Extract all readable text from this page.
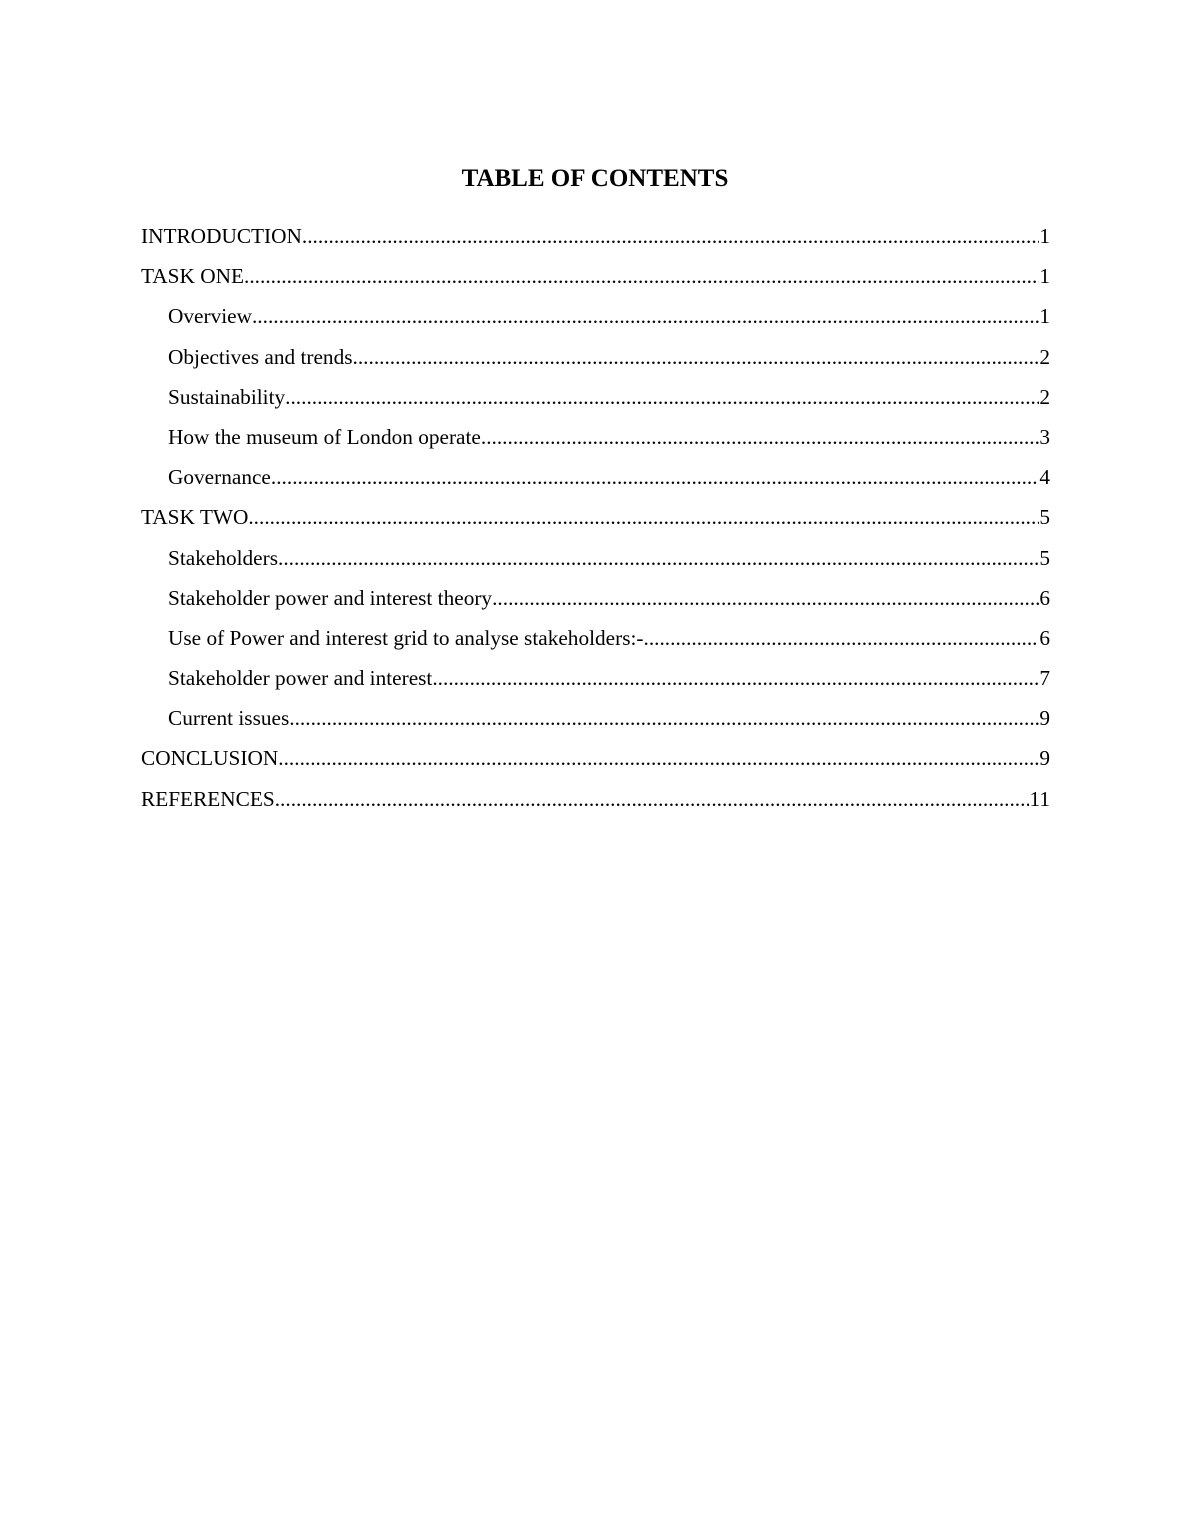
TABLE OF CONTENTS
INTRODUCTION .....	1
TASK ONE .....	1
Overview .....	1
Objectives and trends .....	2
Sustainability .....	2
How the museum of London operate .....	3
Governance .....	4
TASK TWO .....	5
Stakeholders .....	5
Stakeholder power and interest theory .....	6
Use of Power and interest grid to analyse stakeholders:- .....	6
Stakeholder power and interest .....	7
Current issues .....	9
CONCLUSION .....	9
REFERENCES .....	11
